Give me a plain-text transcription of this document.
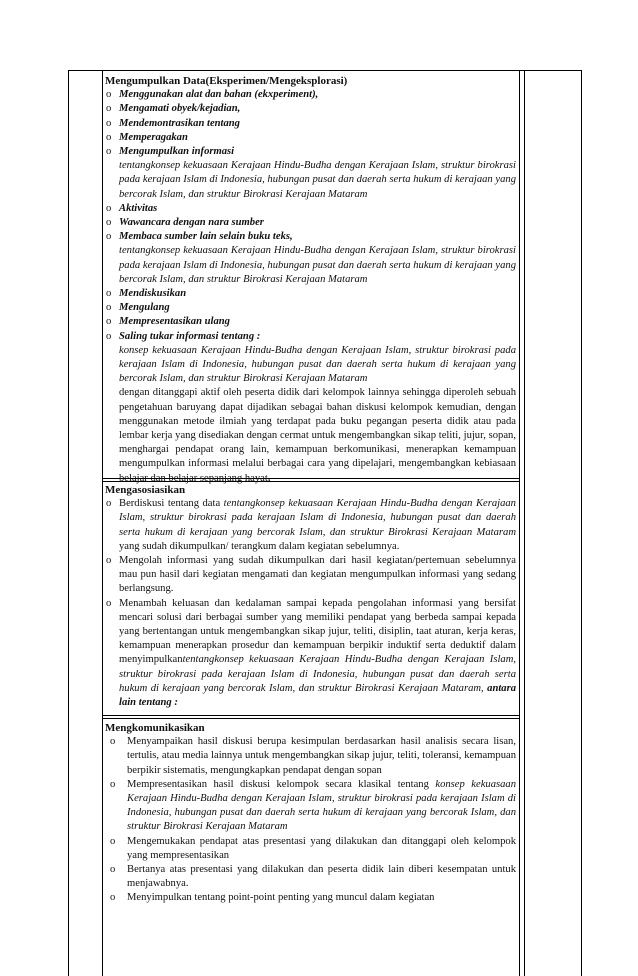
Mengumpulkan Data(Eksperimen/Mengeksplorasi)

o Menggunakan alat dan bahan (ekxperiment),
o Mengamati obyek/kejadian,
o Mendemontrasikan tentang
o Memperagakan
o Mengumpulkan informasi
tentangkonsep kekuasaan Kerajaan Hindu-Budha dengan Kerajaan Islam, struktur birokrasi pada kerajaan Islam di Indonesia, hubungan pusat dan daerah serta hukum di kerajaan yang bercorak Islam, dan struktur Birokrasi Kerajaan Mataram
o Aktivitas
o Wawancara dengan nara sumber
o Membaca sumber lain selain buku teks,
tentangkonsep kekuasaan Kerajaan Hindu-Budha dengan Kerajaan Islam, struktur birokrasi pada kerajaan Islam di Indonesia, hubungan pusat dan daerah serta hukum di kerajaan yang bercorak Islam, dan struktur Birokrasi Kerajaan Mataram
o Mendiskusikan
o Mengulang
o Mempresentasikan ulang
o Saling tukar informasi tentang :
konsep kekuasaan Kerajaan Hindu-Budha dengan Kerajaan Islam, struktur birokrasi pada kerajaan Islam di Indonesia, hubungan pusat dan daerah serta hukum di kerajaan yang bercorak Islam, dan struktur Birokrasi Kerajaan Mataram
dengan ditanggapi aktif oleh peserta didik dari kelompok lainnya sehingga diperoleh sebuah pengetahuan baruyang dapat dijadikan sebagai bahan diskusi kelompok kemudian, dengan menggunakan metode ilmiah yang terdapat pada buku pegangan peserta didik atau pada lembar kerja yang disediakan dengan cermat untuk mengembangkan sikap teliti, jujur, sopan, menghargai pendapat orang lain, kemampuan berkomunikasi, menerapkan kemampuan mengumpulkan informasi melalui berbagai cara yang dipelajari, mengembangkan kebiasaan belajar dan belajar sepanjang hayat.

Mengasosiasikan

o Berdiskusi tentang data tentangkonsep kekuasaan Kerajaan Hindu-Budha dengan Kerajaan Islam, struktur birokrasi pada kerajaan Islam di Indonesia, hubungan pusat dan daerah serta hukum di kerajaan yang bercorak Islam, dan struktur Birokrasi Kerajaan Mataram yang sudah dikumpulkan/ terangkum dalam kegiatan sebelumnya.
o Mengolah informasi yang sudah dikumpulkan dari hasil kegiatan/pertemuan sebelumnya mau pun hasil dari kegiatan mengamati dan kegiatan mengumpulkan informasi yang sedang berlangsung.
o Menambah keluasan dan kedalaman sampai kepada pengolahan informasi yang bersifat mencari solusi dari berbagai sumber yang memiliki pendapat yang berbeda sampai kepada yang bertentangan untuk mengembangkan sikap jujur, teliti, disiplin, taat aturan, kerja keras, kemampuan menerapkan prosedur dan kemampuan berpikir induktif serta deduktif dalam menyimpulkantentangkonsep kekuasaan Kerajaan Hindu-Budha dengan Kerajaan Islam, struktur birokrasi pada kerajaan Islam di Indonesia, hubungan pusat dan daerah serta hukum di kerajaan yang bercorak Islam, dan struktur Birokrasi Kerajaan Mataram, antara lain tentang :

Mengkomunikasikan

o Menyampaikan hasil diskusi berupa kesimpulan berdasarkan hasil analisis secara lisan, tertulis, atau media lainnya untuk mengembangkan sikap jujur, teliti, toleransi, kemampuan berpikir sistematis, mengungkapkan pendapat dengan sopan
o Mempresentasikan hasil diskusi kelompok secara klasikal tentang konsep kekuasaan Kerajaan Hindu-Budha dengan Kerajaan Islam, struktur birokrasi pada kerajaan Islam di Indonesia, hubungan pusat dan daerah serta hukum di kerajaan yang bercorak Islam, dan struktur Birokrasi Kerajaan Mataram
o Mengemukakan pendapat atas presentasi yang dilakukan dan ditanggapi oleh kelompok yang mempresentasikan
o Bertanya atas presentasi yang dilakukan dan peserta didik lain diberi kesempatan untuk menjawabnya.
o Menyimpulkan tentang point-point penting yang muncul dalam kegiatan
